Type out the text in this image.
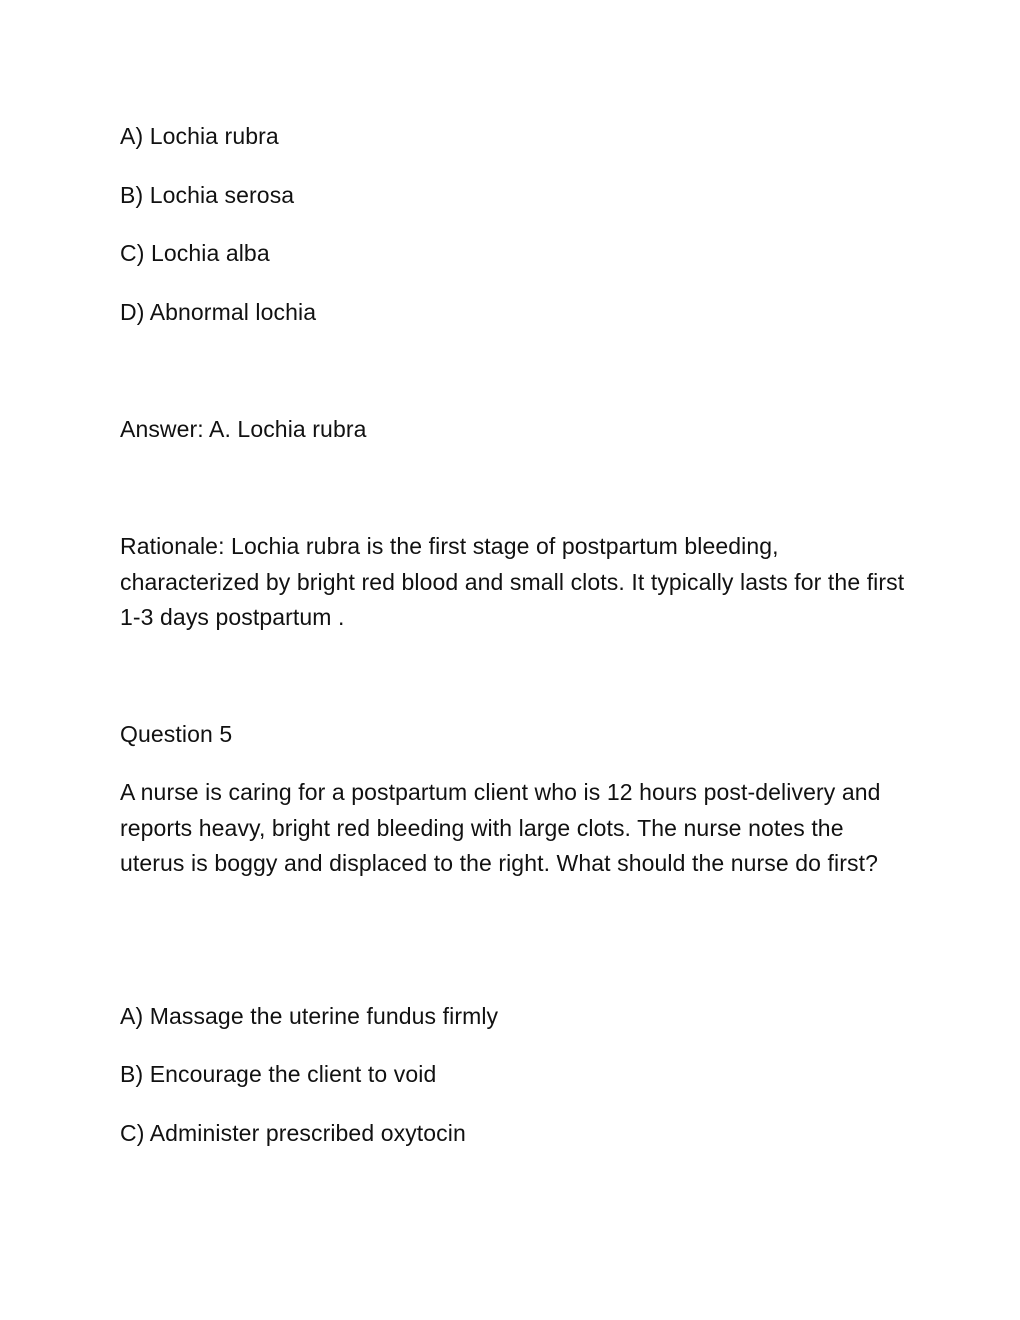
A) Lochia rubra
B) Lochia serosa
C) Lochia alba
D) Abnormal lochia
Answer: A. Lochia rubra
Rationale: Lochia rubra is the first stage of postpartum bleeding, characterized by bright red blood and small clots. It typically lasts for the first 1-3 days postpartum .
Question 5
A nurse is caring for a postpartum client who is 12 hours post-delivery and reports heavy, bright red bleeding with large clots. The nurse notes the uterus is boggy and displaced to the right. What should the nurse do first?
A) Massage the uterine fundus firmly
B) Encourage the client to void
C) Administer prescribed oxytocin
